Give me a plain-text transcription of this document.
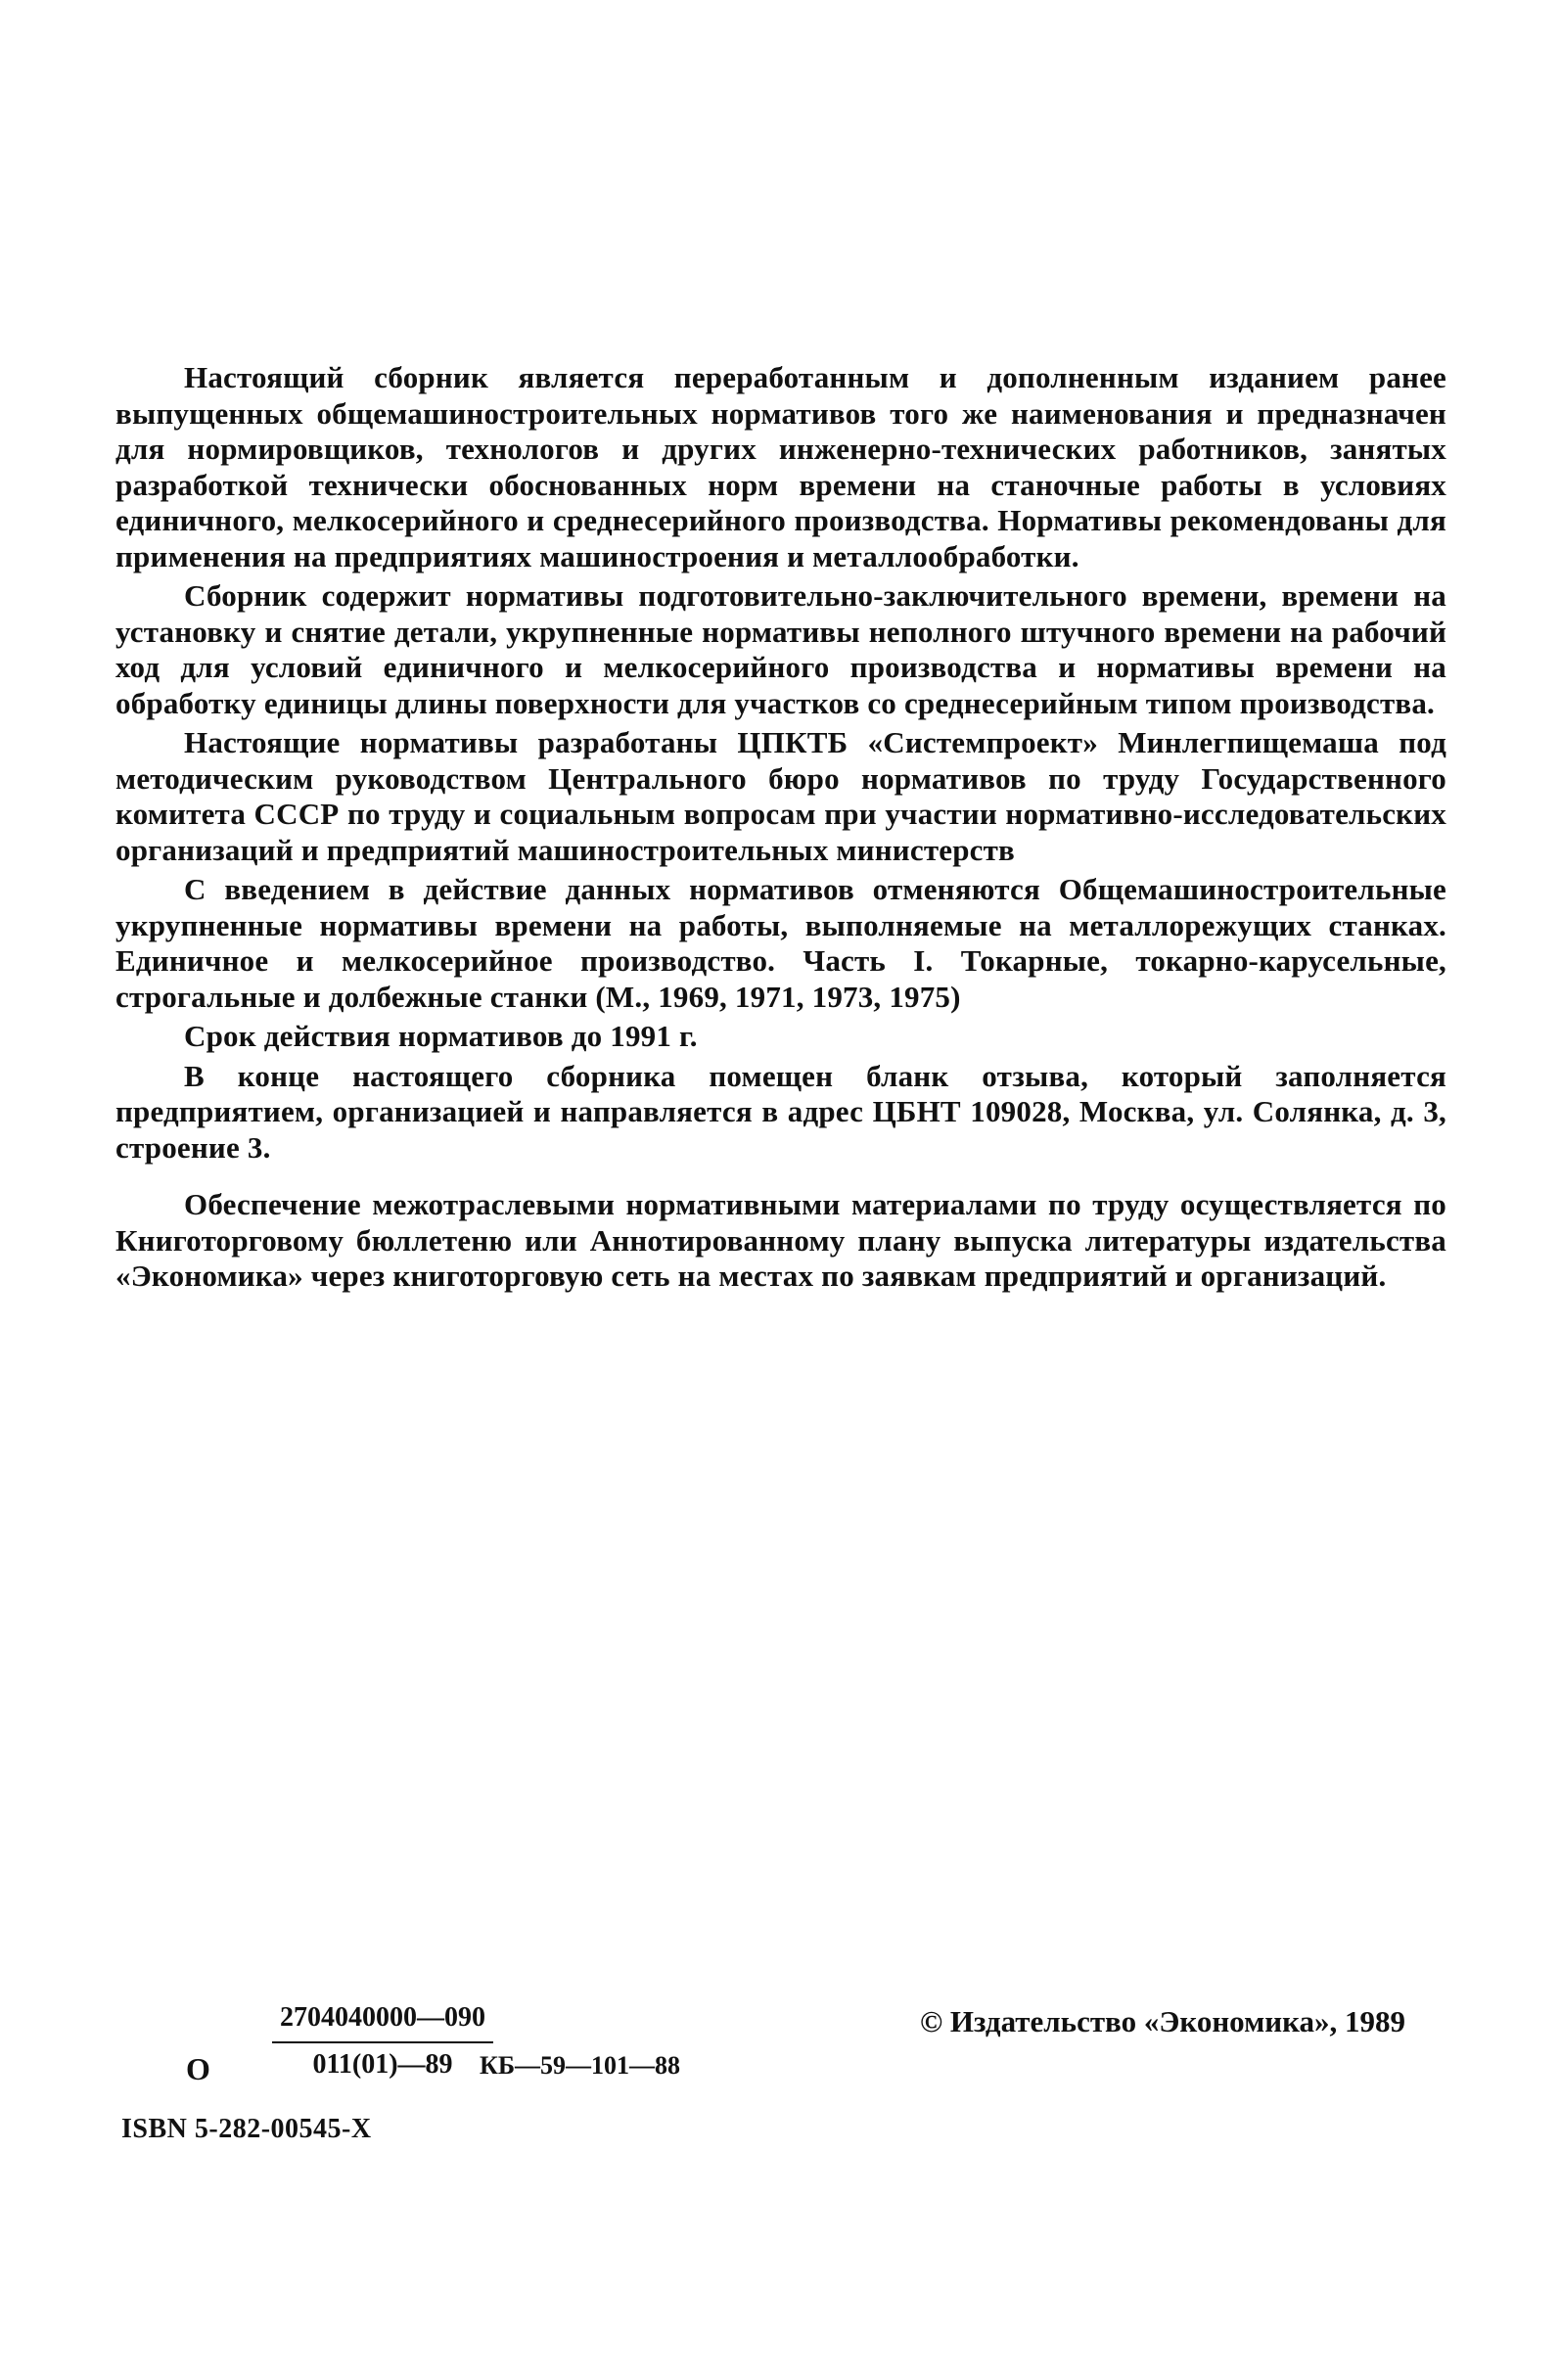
Настоящий сборник является переработанным и дополненным изданием ранее выпущенных общемашиностроительных нормативов того же наименования и предназначен для нормировщиков, технологов и других инженерно-технических работников, занятых разработкой технически обоснованных норм времени на станочные работы в условиях единичного, мелкосерийного и среднесерийного производства. Нормативы рекомендованы для применения на предприятиях машиностроения и металлообработки.

Сборник содержит нормативы подготовительно-заключительного времени, времени на установку и снятие детали, укрупненные нормативы неполного штучного времени на рабочий ход для условий единичного и мелкосерийного производства и нормативы времени на обработку единицы длины поверхности для участков со среднесерийным типом производства.

Настоящие нормативы разработаны ЦПКТБ «Системпроект» Минлегпищемаша под методическим руководством Центрального бюро нормативов по труду Государственного комитета СССР по труду и социальным вопросам при участии нормативно-исследовательских организаций и предприятий машиностроительных министерств

С введением в действие данных нормативов отменяются Общемашиностроительные укрупненные нормативы времени на работы, выполняемые на металлорежущих станках. Единичное и мелкосерийное производство. Часть I. Токарные, токарно-карусельные, строгальные и долбежные станки (М., 1969, 1971, 1973, 1975)

Срок действия нормативов до 1991 г.

В конце настоящего сборника помещен бланк отзыва, который заполняется предприятием, организацией и направляется в адрес ЦБНТ 109028, Москва, ул. Солянка, д. 3, строение 3.

Обеспечение межотраслевыми нормативными материалами по труду осуществляется по Книготорговому бюллетеню или Аннотированному плану выпуска литературы издательства «Экономика» через книготорговую сеть на местах по заявкам предприятий и организаций.

О $\frac{2704040000—090}{011(01)—89}$
КБ—59—101—88
ISBN 5-282-00545-X
© Издательство «Экономика», 1989
